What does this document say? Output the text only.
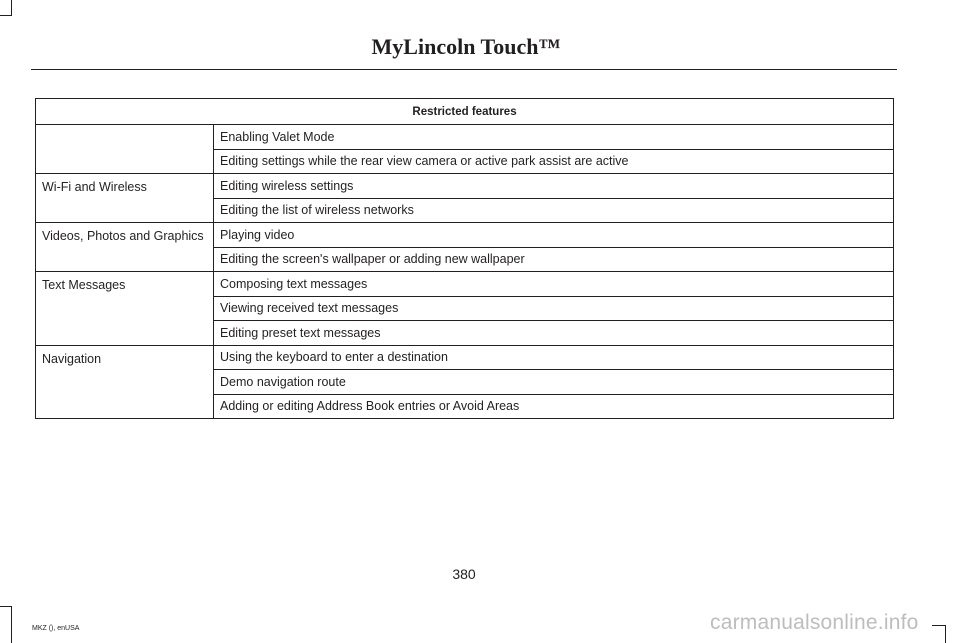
MyLincoln Touch™
Restricted features	
	Enabling Valet Mode
	Editing settings while the rear view camera or active park assist are active
Wi-Fi and Wireless	Editing wireless settings
	Editing the list of wireless networks
Videos, Photos and Graphics	Playing video
	Editing the screen's wallpaper or adding new wallpaper
Text Messages	Composing text messages
	Viewing received text messages
	Editing preset text messages
Navigation	Using the keyboard to enter a destination
	Demo navigation route
	Adding or editing Address Book entries or Avoid Areas
380
MKZ (), enUSA	carmanualsonline.info
